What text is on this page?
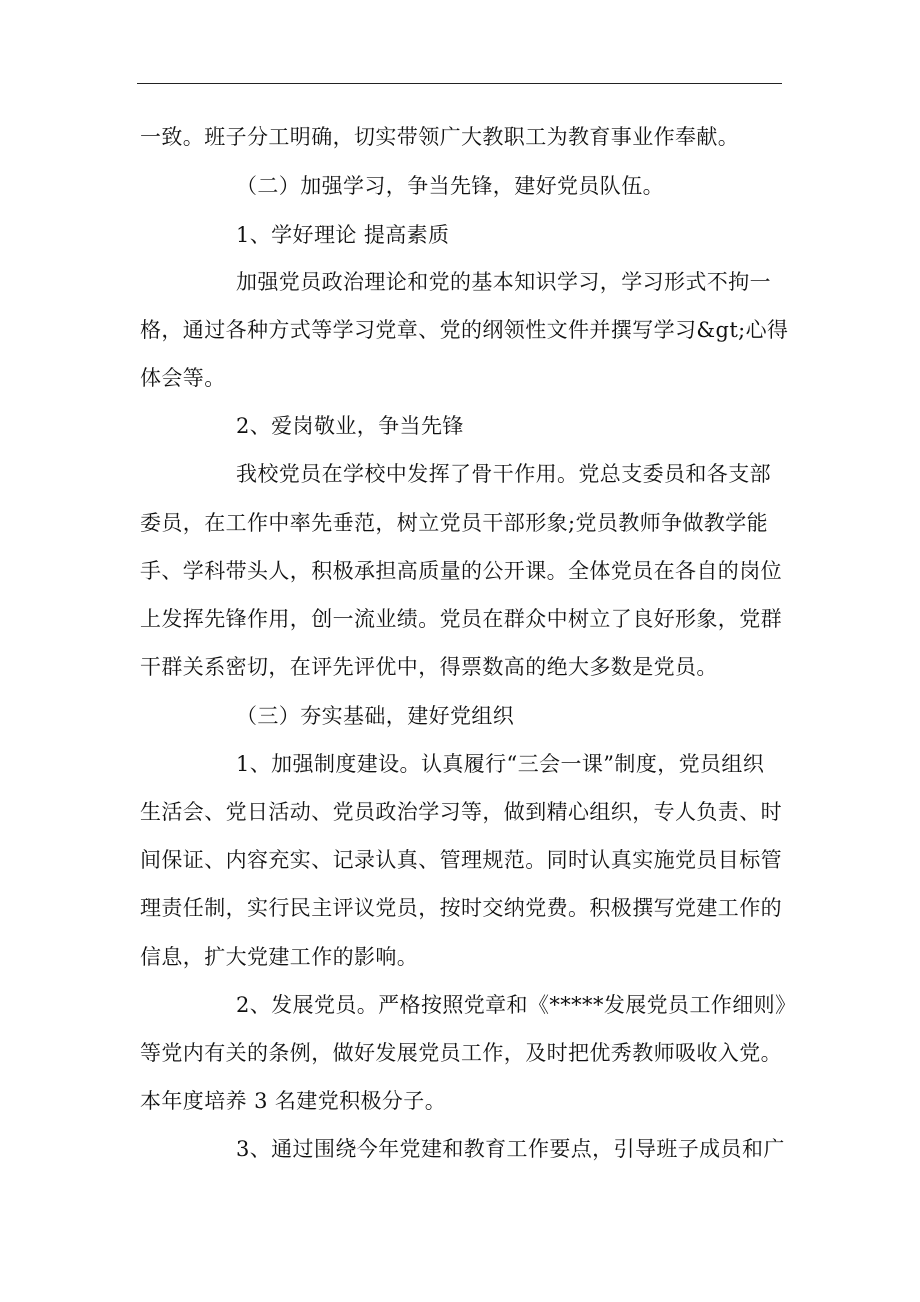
一致。班子分工明确，切实带领广大教职工为教育事业作奉献。
（二）加强学习，争当先锋，建好党员队伍。
1、学好理论 提高素质
加强党员政治理论和党的基本知识学习，学习形式不拘一
格，通过各种方式等学习党章、党的纲领性文件并撰写学习&gt;心得
体会等。
2、爱岗敬业，争当先锋
我校党员在学校中发挥了骨干作用。党总支委员和各支部
委员，在工作中率先垂范，树立党员干部形象;党员教师争做教学能
手、学科带头人，积极承担高质量的公开课。全体党员在各自的岗位
上发挥先锋作用，创一流业绩。党员在群众中树立了良好形象，党群
干群关系密切，在评先评优中，得票数高的绝大多数是党员。
（三）夯实基础，建好党组织
1、加强制度建设。认真履行“三会一课”制度，党员组织
生活会、党日活动、党员政治学习等，做到精心组织，专人负责、时
间保证、内容充实、记录认真、管理规范。同时认真实施党员目标管
理责任制，实行民主评议党员，按时交纳党费。积极撰写党建工作的
信息，扩大党建工作的影响。
2、发展党员。严格按照党章和《*****发展党员工作细则》
等党内有关的条例，做好发展党员工作，及时把优秀教师吸收入党。
本年度培养 3 名建党积极分子。
3、通过围绕今年党建和教育工作要点，引导班子成员和广
